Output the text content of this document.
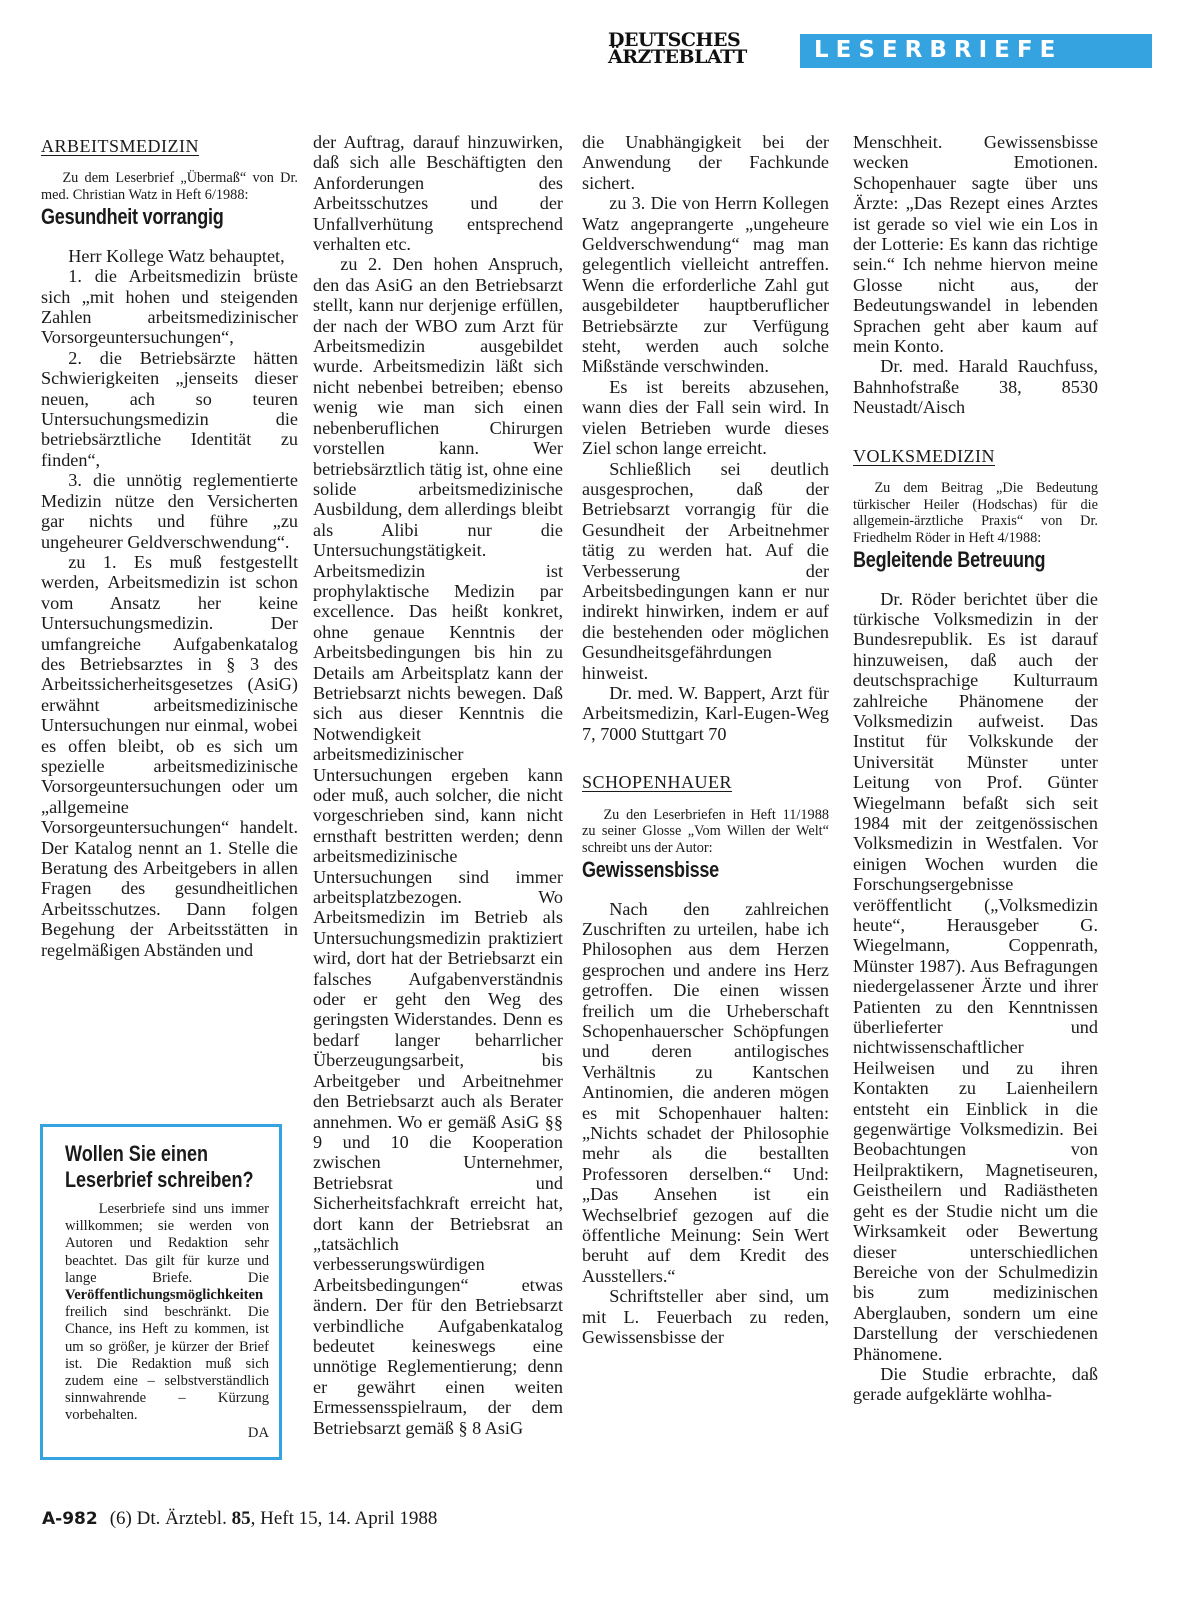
DEUTSCHES
ÄRZTEBLATT	LESERBRIEFE
ARBEITSMEDIZIN

Zu dem Leserbrief „Übermaß“ von Dr. med. Christian Watz in Heft 6/1988:

Gesundheit vorrangig

Herr Kollege Watz behauptet,

1. die Arbeitsmedizin brüste sich „mit hohen und steigenden Zahlen arbeitsmedizinischer Vorsorgeuntersuchungen“,

2. die Betriebsärzte hätten Schwierigkeiten „jenseits dieser neuen, ach so teuren Untersuchungsmedizin die betriebsärztliche Identität zu finden“,

3. die unnötig reglementierte Medizin nütze den Versicherten gar nichts und führe „zu ungeheurer Geldverschwendung“.

zu 1. Es muß festgestellt werden, Arbeitsmedizin ist schon vom Ansatz her keine Untersuchungsmedizin. Der umfangreiche Aufgabenkatalog des Betriebsarztes in § 3 des Arbeitssicherheitsgesetzes (AsiG) erwähnt arbeitsmedizinische Untersuchungen nur einmal, wobei es offen bleibt, ob es sich um spezielle arbeitsmedizinische Vorsorgeuntersuchungen oder um „allgemeine Vorsorgeuntersuchungen“ handelt. Der Katalog nennt an 1. Stelle die Beratung des Arbeitgebers in allen Fragen des gesundheitlichen Arbeitsschutzes. Dann folgen Begehung der Arbeitsstätten in regelmäßigen Abständen und

Wollen Sie einen
Leserbrief schreiben?

Leserbriefe sind uns immer willkommen; sie werden von Autoren und Redaktion sehr beachtet. Das gilt für kurze und lange Briefe. Die Veröffentlichungsmöglichkeiten freilich sind beschränkt. Die Chance, ins Heft zu kommen, ist um so größer, je kürzer der Brief ist. Die Redaktion muß sich zudem eine – selbstverständlich sinnwahrende – Kürzung vorbehalten.

DA

der Auftrag, darauf hinzuwirken, daß sich alle Beschäftigten den Anforderungen des Arbeitsschutzes und der Unfallverhütung entsprechend verhalten etc.

zu 2. Den hohen Anspruch, den das AsiG an den Betriebsarzt stellt, kann nur derjenige erfüllen, der nach der WBO zum Arzt für Arbeitsmedizin ausgebildet wurde. Arbeitsmedizin läßt sich nicht nebenbei betreiben; ebenso wenig wie man sich einen nebenberuflichen Chirurgen vorstellen kann. Wer betriebsärztlich tätig ist, ohne eine solide arbeitsmedizinische Ausbildung, dem allerdings bleibt als Alibi nur die Untersuchungstätigkeit. Arbeitsmedizin ist prophylaktische Medizin par excellence. Das heißt konkret, ohne genaue Kenntnis der Arbeitsbedingungen bis hin zu Details am Arbeitsplatz kann der Betriebsarzt nichts bewegen. Daß sich aus dieser Kenntnis die Notwendigkeit arbeitsmedizinischer Untersuchungen ergeben kann oder muß, auch solcher, die nicht vorgeschrieben sind, kann nicht ernsthaft bestritten werden; denn arbeitsmedizinische Untersuchungen sind immer arbeitsplatzbezogen. Wo Arbeitsmedizin im Betrieb als Untersuchungsmedizin praktiziert wird, dort hat der Betriebsarzt ein falsches Aufgabenverständnis oder er geht den Weg des geringsten Widerstandes. Denn es bedarf langer beharrlicher Überzeugungsarbeit, bis Arbeitgeber und Arbeitnehmer den Betriebsarzt auch als Berater annehmen. Wo er gemäß AsiG §§ 9 und 10 die Kooperation zwischen Unternehmer, Betriebsrat und Sicherheitsfachkraft erreicht hat, dort kann der Betriebsrat an „tatsächlich verbesserungswürdigen Arbeitsbedingungen“ etwas ändern. Der für den Betriebsarzt verbindliche Aufgabenkatalog bedeutet keineswegs eine unnötige Reglementierung; denn er gewährt einen weiten Ermessensspielraum, der dem Betriebsarzt gemäß § 8 AsiG

die Unabhängigkeit bei der Anwendung der Fachkunde sichert.

zu 3. Die von Herrn Kollegen Watz angeprangerte „ungeheure Geldverschwendung“ mag man gelegentlich vielleicht antreffen. Wenn die erforderliche Zahl gut ausgebildeter hauptberuflicher Betriebsärzte zur Verfügung steht, werden auch solche Mißstände verschwinden.

Es ist bereits abzusehen, wann dies der Fall sein wird. In vielen Betrieben wurde dieses Ziel schon lange erreicht.

Schließlich sei deutlich ausgesprochen, daß der Betriebsarzt vorrangig für die Gesundheit der Arbeitnehmer tätig zu werden hat. Auf die Verbesserung der Arbeitsbedingungen kann er nur indirekt hinwirken, indem er auf die bestehenden oder möglichen Gesundheitsgefährdungen hinweist.

Dr. med. W. Bappert, Arzt für Arbeitsmedizin, Karl-Eugen-Weg 7, 7000 Stuttgart 70

SCHOPENHAUER

Zu den Leserbriefen in Heft 11/1988 zu seiner Glosse „Vom Willen der Welt“ schreibt uns der Autor:

Gewissensbisse

Nach den zahlreichen Zuschriften zu urteilen, habe ich Philosophen aus dem Herzen gesprochen und andere ins Herz getroffen. Die einen wissen freilich um die Urheberschaft Schopenhauerscher Schöpfungen und deren antilogisches Verhältnis zu Kantschen Antinomien, die anderen mögen es mit Schopenhauer halten: „Nichts schadet der Philosophie mehr als die bestallten Professoren derselben.“ Und: „Das Ansehen ist ein Wechselbrief gezogen auf die öffentliche Meinung: Sein Wert beruht auf dem Kredit des Ausstellers.“

Schriftsteller aber sind, um mit L. Feuerbach zu reden, Gewissensbisse der

Menschheit. Gewissensbisse wecken Emotionen. Schopenhauer sagte über uns Ärzte: „Das Rezept eines Arztes ist gerade so viel wie ein Los in der Lotterie: Es kann das richtige sein.“ Ich nehme hiervon meine Glosse nicht aus, der Bedeutungswandel in lebenden Sprachen geht aber kaum auf mein Konto.

Dr. med. Harald Rauchfuss, Bahnhofstraße 38, 8530 Neustadt/Aisch

VOLKSMEDIZIN

Zu dem Beitrag „Die Bedeutung türkischer Heiler (Hodschas) für die allgemein-ärztliche Praxis“ von Dr. Friedhelm Röder in Heft 4/1988:

Begleitende Betreuung

Dr. Röder berichtet über die türkische Volksmedizin in der Bundesrepublik. Es ist darauf hinzuweisen, daß auch der deutschsprachige Kulturraum zahlreiche Phänomene der Volksmedizin aufweist. Das Institut für Volkskunde der Universität Münster unter Leitung von Prof. Günter Wiegelmann befaßt sich seit 1984 mit der zeitgenössischen Volksmedizin in Westfalen. Vor einigen Wochen wurden die Forschungsergebnisse veröffentlicht („Volksmedizin heute“, Herausgeber G. Wiegelmann, Coppenrath, Münster 1987). Aus Befragungen niedergelassener Ärzte und ihrer Patienten zu den Kenntnissen überlieferter und nichtwissenschaftlicher Heilweisen und zu ihren Kontakten zu Laienheilern entsteht ein Einblick in die gegenwärtige Volksmedizin. Bei Beobachtungen von Heilpraktikern, Magnetiseuren, Geistheilern und Radiästheten geht es der Studie nicht um die Wirksamkeit oder Bewertung dieser unterschiedlichen Bereiche von der Schulmedizin bis zum medizinischen Aberglauben, sondern um eine Darstellung der verschiedenen Phänomene.

Die Studie erbrachte, daß gerade aufgeklärte wohlha-

A-982 (6) Dt. Ärztebl. 85, Heft 15, 14. April 1988
